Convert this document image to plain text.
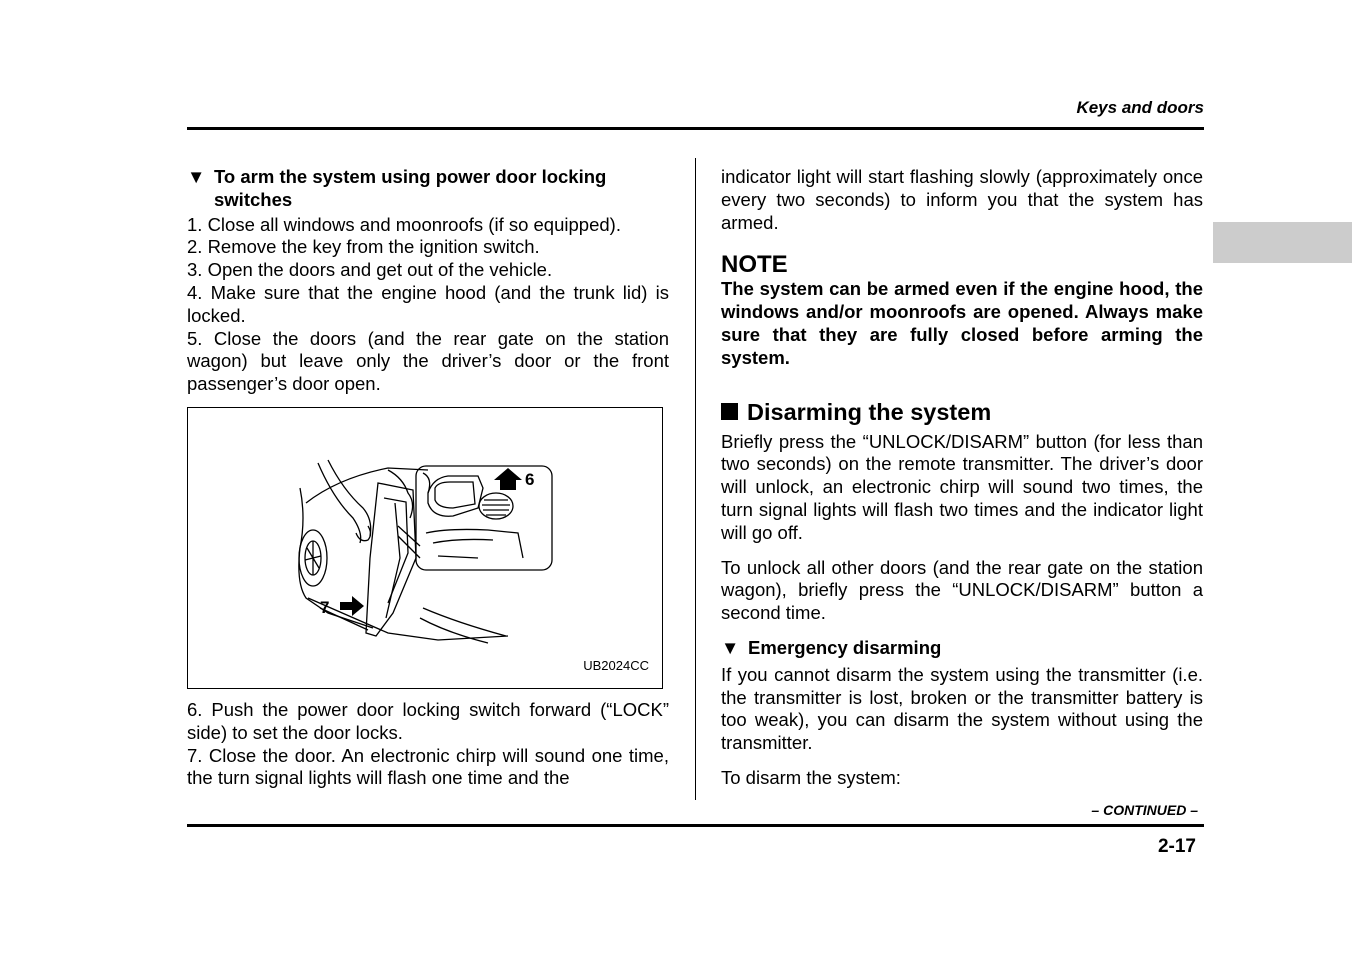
Keys and doors
▼ To arm the system using power door locking switches
1. Close all windows and moonroofs (if so equipped).
2. Remove the key from the ignition switch.
3. Open the doors and get out of the vehicle.
4. Make sure that the engine hood (and the trunk lid) is locked.
5. Close the doors (and the rear gate on the station wagon) but leave only the driver’s door or the front passenger’s door open.
6
7
UB2024CC

6. Push the power door locking switch forward (“LOCK” side) to set the door locks.

7. Close the door. An electronic chirp will sound one time, the turn signal lights will flash one time and the

indicator light will start flashing slowly (approximately once every two seconds) to inform you that the system has armed.

NOTE

The system can be armed even if the engine hood, the windows and/or moonroofs are opened. Always make sure that they are fully closed before arming the system.

Disarming the system

Briefly press the “UNLOCK/DISARM” button (for less than two seconds) on the remote transmitter. The driver’s door will unlock, an electronic chirp will sound two times, the turn signal lights will flash two times and the indicator light will go off.

To unlock all other doors (and the rear gate on the station wagon), briefly press the “UNLOCK/DISARM” button a second time.

▼ Emergency disarming

If you cannot disarm the system using the transmitter (i.e. the transmitter is lost, broken or the transmitter battery is too weak), you can disarm the system without using the transmitter.

To disarm the system:

– CONTINUED –
2-17
